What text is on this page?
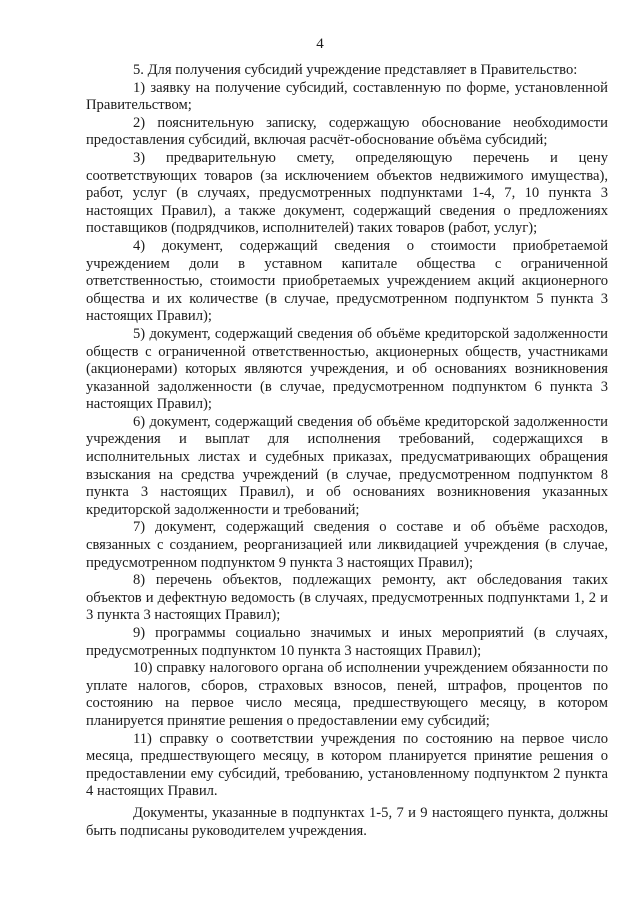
4

5. Для получения субсидий учреждение представляет в Правительство:

1) заявку на получение субсидий, составленную по форме, установленной Правительством;

2) пояснительную записку, содержащую обоснование необходимости предоставления субсидий, включая расчёт-обоснование объёма субсидий;

3) предварительную смету, определяющую перечень и цену соответствующих товаров (за исключением объектов недвижимого имущества), работ, услуг (в случаях, предусмотренных подпунктами 1-4, 7, 10 пункта 3 настоящих Правил), а также документ, содержащий сведения о предложениях поставщиков (подрядчиков, исполнителей) таких товаров (работ, услуг);

4) документ, содержащий сведения о стоимости приобретаемой учреждением доли в уставном капитале общества с ограниченной ответственностью, стоимости приобретаемых учреждением акций акционерного общества и их количестве (в случае, предусмотренном подпунктом 5 пункта 3 настоящих Правил);

5) документ, содержащий сведения об объёме кредиторской задолженности обществ с ограниченной ответственностью, акционерных обществ, участниками (акционерами) которых являются учреждения, и об основаниях возникновения указанной задолженности (в случае, предусмотренном подпунктом 6 пункта 3 настоящих Правил);

6) документ, содержащий сведения об объёме кредиторской задолженности учреждения и выплат для исполнения требований, содержащихся в исполнительных листах и судебных приказах, предусматривающих обращения взыскания на средства учреждений (в случае, предусмотренном подпунктом 8 пункта 3 настоящих Правил), и об основаниях возникновения указанных кредиторской задолженности и требований;

7) документ, содержащий сведения о составе и об объёме расходов, связанных с созданием, реорганизацией или ликвидацией учреждения (в случае, предусмотренном подпунктом 9 пункта 3 настоящих Правил);

8) перечень объектов, подлежащих ремонту, акт обследования таких объектов и дефектную ведомость (в случаях, предусмотренных подпунктами 1, 2 и 3 пункта 3 настоящих Правил);

9) программы социально значимых и иных мероприятий (в случаях, предусмотренных подпунктом 10 пункта 3 настоящих Правил);

10) справку налогового органа об исполнении учреждением обязанности по уплате налогов, сборов, страховых взносов, пеней, штрафов, процентов по состоянию на первое число месяца, предшествующего месяцу, в котором планируется принятие решения о предоставлении ему субсидий;

11) справку о соответствии учреждения по состоянию на первое число месяца, предшествующего месяцу, в котором планируется принятие решения о предоставлении ему субсидий, требованию, установленному подпунктом 2 пункта 4 настоящих Правил.

Документы, указанные в подпунктах 1-5, 7 и 9 настоящего пункта, должны быть подписаны руководителем учреждения.
